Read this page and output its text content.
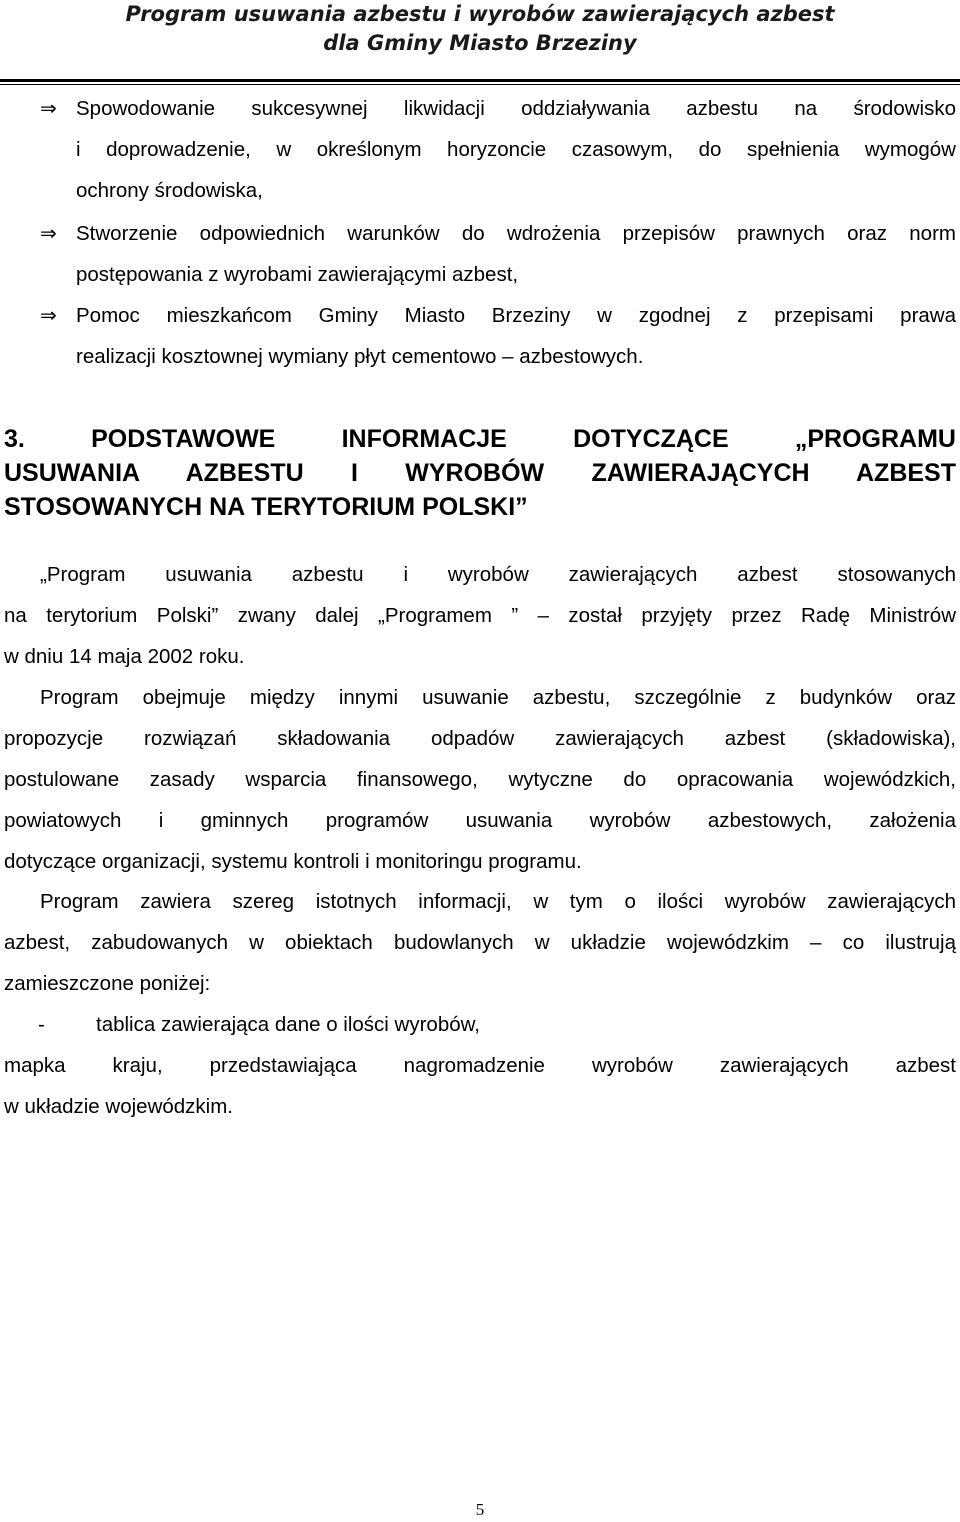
Program usuwania azbestu i wyrobów zawierających azbest
dla Gminy Miasto Brzeziny
⇒ Spowodowanie sukcesywnej likwidacji oddziaływania azbestu na środowisko
i doprowadzenie, w określonym horyzoncie czasowym, do spełnienia wymogów
ochrony środowiska,
⇒ Stworzenie odpowiednich warunków do wdrożenia przepisów prawnych oraz norm
postępowania z wyrobami zawierającymi azbest,
⇒ Pomoc mieszkańcom Gminy Miasto Brzeziny w zgodnej z przepisami prawa
realizacji kosztownej wymiany płyt cementowo – azbestowych.
3. PODSTAWOWE INFORMACJE DOTYCZĄCE „PROGRAMU
USUWANIA AZBESTU I WYROBÓW ZAWIERAJĄCYCH AZBEST
STOSOWANYCH NA TERYTORIUM POLSKI”
„Program usuwania azbestu i wyrobów zawierających azbest stosowanych
na terytorium Polski” zwany dalej „Programem ” – został przyjęty przez Radę Ministrów
w dniu 14 maja 2002 roku.
Program obejmuje między innymi usuwanie azbestu, szczególnie z budynków oraz
propozycje rozwiązań składowania odpadów zawierających azbest (składowiska),
postulowane zasady wsparcia finansowego, wytyczne do opracowania wojewódzkich,
powiatowych i gminnych programów usuwania wyrobów azbestowych, założenia
dotyczące organizacji, systemu kontroli i monitoringu programu.
Program zawiera szereg istotnych informacji, w tym o ilości wyrobów zawierających
azbest, zabudowanych w obiektach budowlanych w układzie wojewódzkim – co ilustrują
zamieszczone poniżej:
- tablica zawierająca dane o ilości wyrobów,
mapka kraju, przedstawiająca nagromadzenie wyrobów zawierających azbest
w układzie wojewódzkim.
5
